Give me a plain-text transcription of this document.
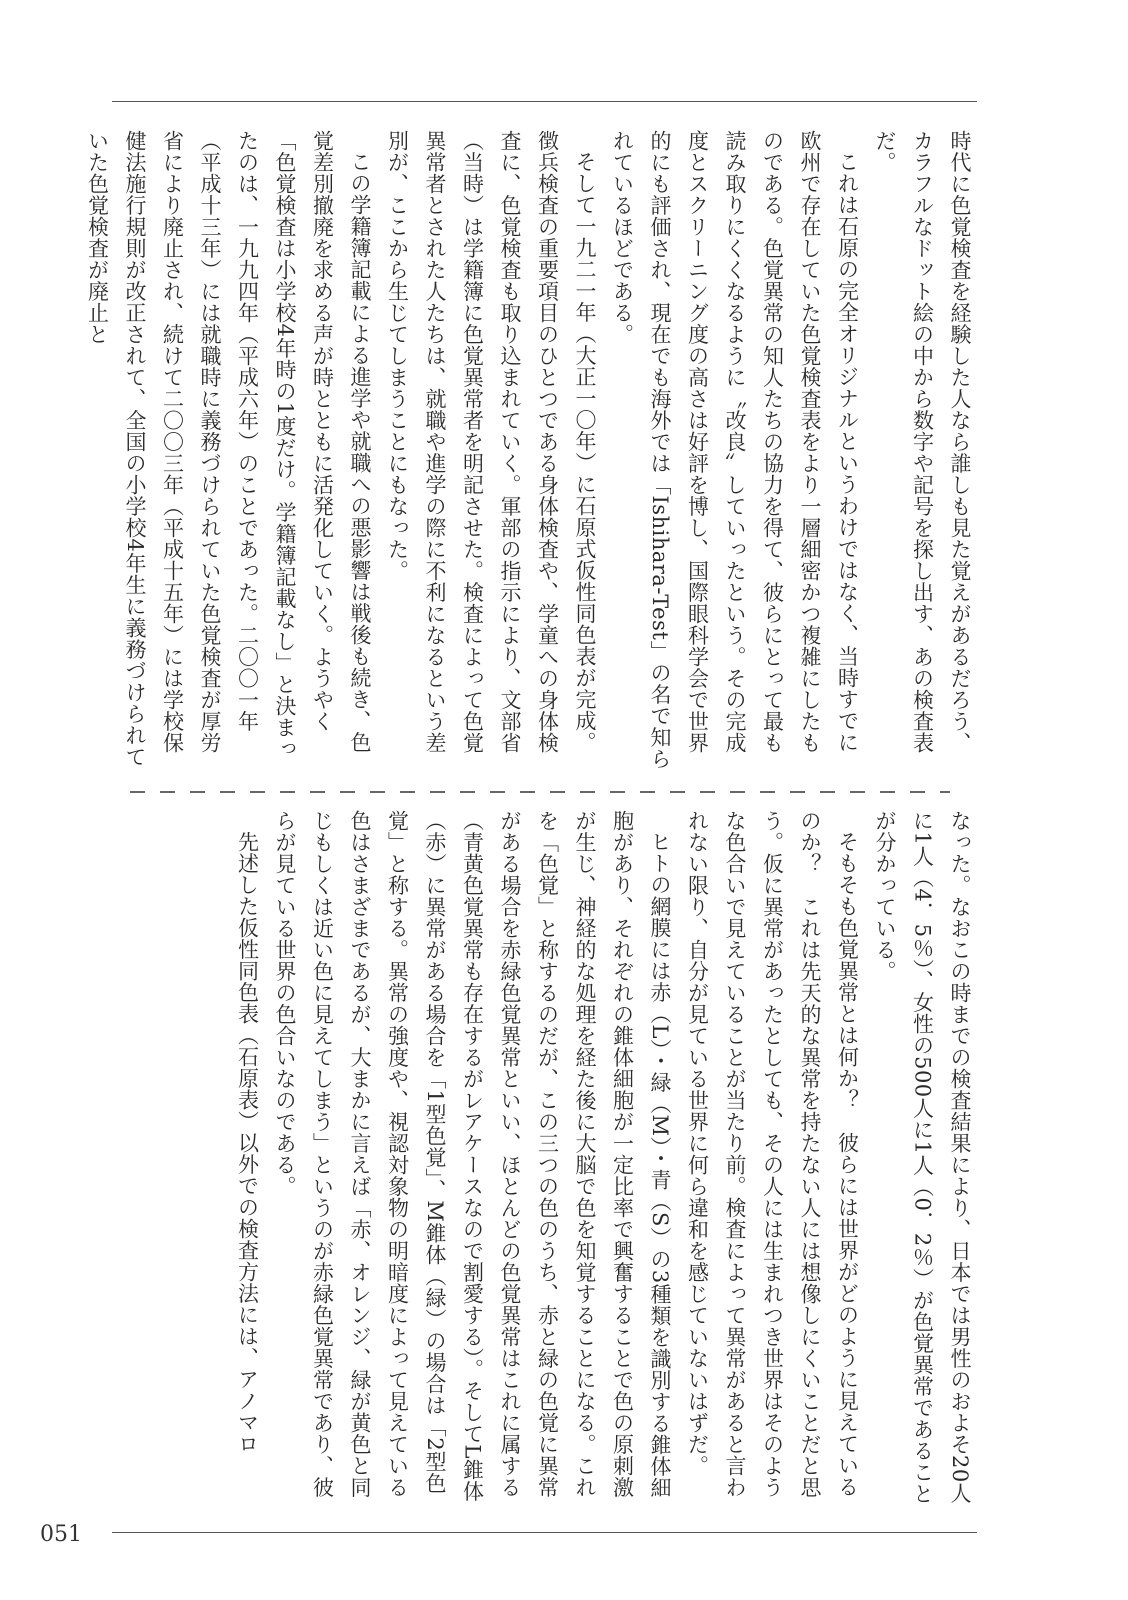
時代に色覚検査を経験した人なら誰しも見た覚えがあるだろう、カラフルなドット絵の中から数字や記号を探し出す、あの検査表だ。

これは石原の完全オリジナルというわけではなく、当時すでに欧州で存在していた色覚検査表をより一層細密かつ複雑にしたものである。色覚異常の知人たちの協力を得て、彼らにとって最も読み取りにくくなるように〝改良〟していったという。その完成度とスクリーニング度の高さは好評を博し、国際眼科学会で世界的にも評価され、現在でも海外では「Ishihara-Test」の名で知られているほどである。

そして一九二一年（大正一〇年）に石原式仮性同色表が完成。徴兵検査の重要項目のひとつである身体検査や、学童への身体検査に、色覚検査も取り込まれていく。軍部の指示により、文部省（当時）は学籍簿に色覚異常者を明記させた。検査によって色覚異常者とされた人たちは、就職や進学の際に不利になるという差別が、ここから生じてしまうことにもなった。

この学籍簿記載による進学や就職への悪影響は戦後も続き、色覚差別撤廃を求める声が時とともに活発化していく。ようやく「色覚検査は小学校4年時の1度だけ。学籍簿記載なし」と決まったのは、一九九四年（平成六年）のことであった。二〇〇一年（平成十三年）には就職時に義務づけられていた色覚検査が厚労省により廃止され、続けて二〇〇三年（平成十五年）には学校保健法施行規則が改正されて、全国の小学校4年生に義務づけられていた色覚検査が廃止と

なった。なおこの時までの検査結果により、日本では男性のおよそ20人に1人（4．5％）、女性の500人に1人（0．2％）が色覚異常であることが分かっている。

そもそも色覚異常とは何か？　彼らには世界がどのように見えているのか？　これは先天的な異常を持たない人には想像しにくいことだと思う。仮に異常があったとしても、その人には生まれつき世界はそのような色合いで見えていることが当たり前。検査によって異常があると言われない限り、自分が見ている世界に何ら違和を感じていないはずだ。

ヒトの網膜には赤（L）・緑（M）・青（S）の3種類を識別する錐体細胞があり、それぞれの錐体細胞が一定比率で興奮することで色の原刺激が生じ、神経的な処理を経た後に大脳で色を知覚することになる。これを「色覚」と称するのだが、この三つの色のうち、赤と緑の色覚に異常がある場合を赤緑色覚異常といい、ほとんどの色覚異常はこれに属する（青黄色覚異常も存在するがレアケースなので割愛する）。そしてL錐体（赤）に異常がある場合を「1型色覚」、M錐体（緑）の場合は「2型色覚」と称する。異常の強度や、視認対象物の明暗度によって見えている色はさまざまであるが、大まかに言えば「赤、オレンジ、緑が黄色と同じもしくは近い色に見えてしまう」というのが赤緑色覚異常であり、彼らが見ている世界の色合いなのである。

先述した仮性同色表（石原表）以外での検査方法には、アノマロ

051
